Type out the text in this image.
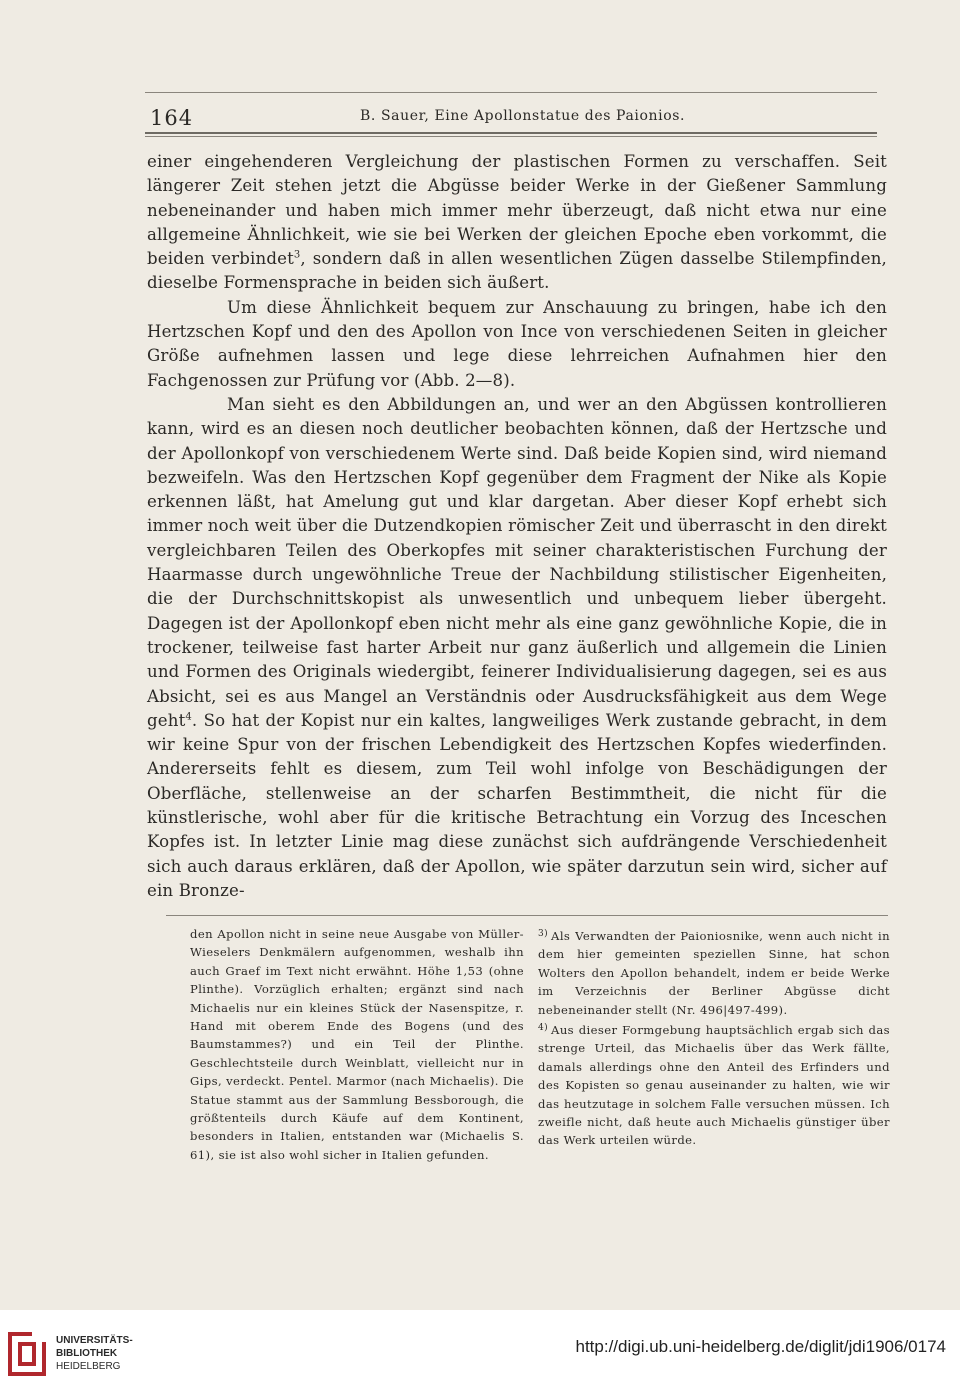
164	B. Sauer, Eine Apollonstatue des Paionios.

einer eingehenderen Vergleichung der plastischen Formen zu verschaffen. Seit längerer Zeit stehen jetzt die Abgüsse beider Werke in der Gießener Sammlung nebeneinander und haben mich immer mehr überzeugt, daß nicht etwa nur eine allgemeine Ähnlichkeit, wie sie bei Werken der gleichen Epoche eben vorkommt, die beiden verbindet$^3$, sondern daß in allen wesentlichen Zügen dasselbe Stilempfinden, dieselbe Formensprache in beiden sich äußert.

Um diese Ähnlichkeit bequem zur Anschauung zu bringen, habe ich den Hertzschen Kopf und den des Apollon von Ince von verschiedenen Seiten in gleicher Größe aufnehmen lassen und lege diese lehrreichen Aufnahmen hier den Fachgenossen zur Prüfung vor (Abb. 2—8).

Man sieht es den Abbildungen an, und wer an den Abgüssen kontrollieren kann, wird es an diesen noch deutlicher beobachten können, daß der Hertzsche und der Apollonkopf von verschiedenem Werte sind. Daß beide Kopien sind, wird niemand bezweifeln. Was den Hertzschen Kopf gegenüber dem Fragment der Nike als Kopie erkennen läßt, hat Amelung gut und klar dargetan. Aber dieser Kopf erhebt sich immer noch weit über die Dutzendkopien römischer Zeit und überrascht in den direkt vergleichbaren Teilen des Oberkopfes mit seiner charakteristischen Furchung der Haarmasse durch ungewöhnliche Treue der Nachbildung stilistischer Eigenheiten, die der Durchschnittskopist als unwesentlich und unbequem lieber übergeht. Dagegen ist der Apollonkopf eben nicht mehr als eine ganz gewöhnliche Kopie, die in trockener, teilweise fast harter Arbeit nur ganz äußerlich und allgemein die Linien und Formen des Originals wiedergibt, feinerer Individualisierung dagegen, sei es aus Absicht, sei es aus Mangel an Verständnis oder Ausdrucksfähigkeit aus dem Wege geht$^4$. So hat der Kopist nur ein kaltes, langweiliges Werk zustande gebracht, in dem wir keine Spur von der frischen Lebendigkeit des Hertzschen Kopfes wiederfinden. Andererseits fehlt es diesem, zum Teil wohl infolge von Beschädigungen der Oberfläche, stellenweise an der scharfen Bestimmtheit, die nicht für die künstlerische, wohl aber für die kritische Betrachtung ein Vorzug des Inceschen Kopfes ist. In letzter Linie mag diese zunächst sich aufdrängende Verschiedenheit sich auch daraus erklären, daß der Apollon, wie später darzutun sein wird, sicher auf ein Bronze-

den Apollon nicht in seine neue Ausgabe von Müller-Wieselers Denkmälern aufgenommen, weshalb ihn auch Graef im Text nicht erwähnt. Höhe 1,53 (ohne Plinthe). Vorzüglich erhalten; ergänzt sind nach Michaelis nur ein kleines Stück der Nasenspitze, r. Hand mit oberem Ende des Bogens (und des Baumstammes?) und ein Teil der Plinthe. Geschlechtsteile durch Weinblatt, vielleicht nur in Gips, verdeckt. Pentel. Marmor (nach Michaelis). Die Statue stammt aus der Sammlung Bessborough, die größtenteils durch Käufe auf dem Kontinent, besonders in Italien, entstanden war (Michaelis S. 61), sie ist also wohl sicher in Italien gefunden.

$^{3)}$ Als Verwandten der Paioniosnike, wenn auch nicht in dem hier gemeinten speziellen Sinne, hat schon Wolters den Apollon behandelt, indem er beide Werke im Verzeichnis der Berliner Abgüsse dicht nebeneinander stellt (Nr. 496|497-499).

$^{4)}$ Aus dieser Formgebung hauptsächlich ergab sich das strenge Urteil, das Michaelis über das Werk fällte, damals allerdings ohne den Anteil des Erfinders und des Kopisten so genau auseinander zu halten, wie wir das heutzutage in solchem Falle versuchen müssen. Ich zweifle nicht, daß heute auch Michaelis günstiger über das Werk urteilen würde.

UNIVERSITÄTS-
BIBLIOTHEK
HEIDELBERG
http://digi.ub.uni-heidelberg.de/diglit/jdi1906/0174
